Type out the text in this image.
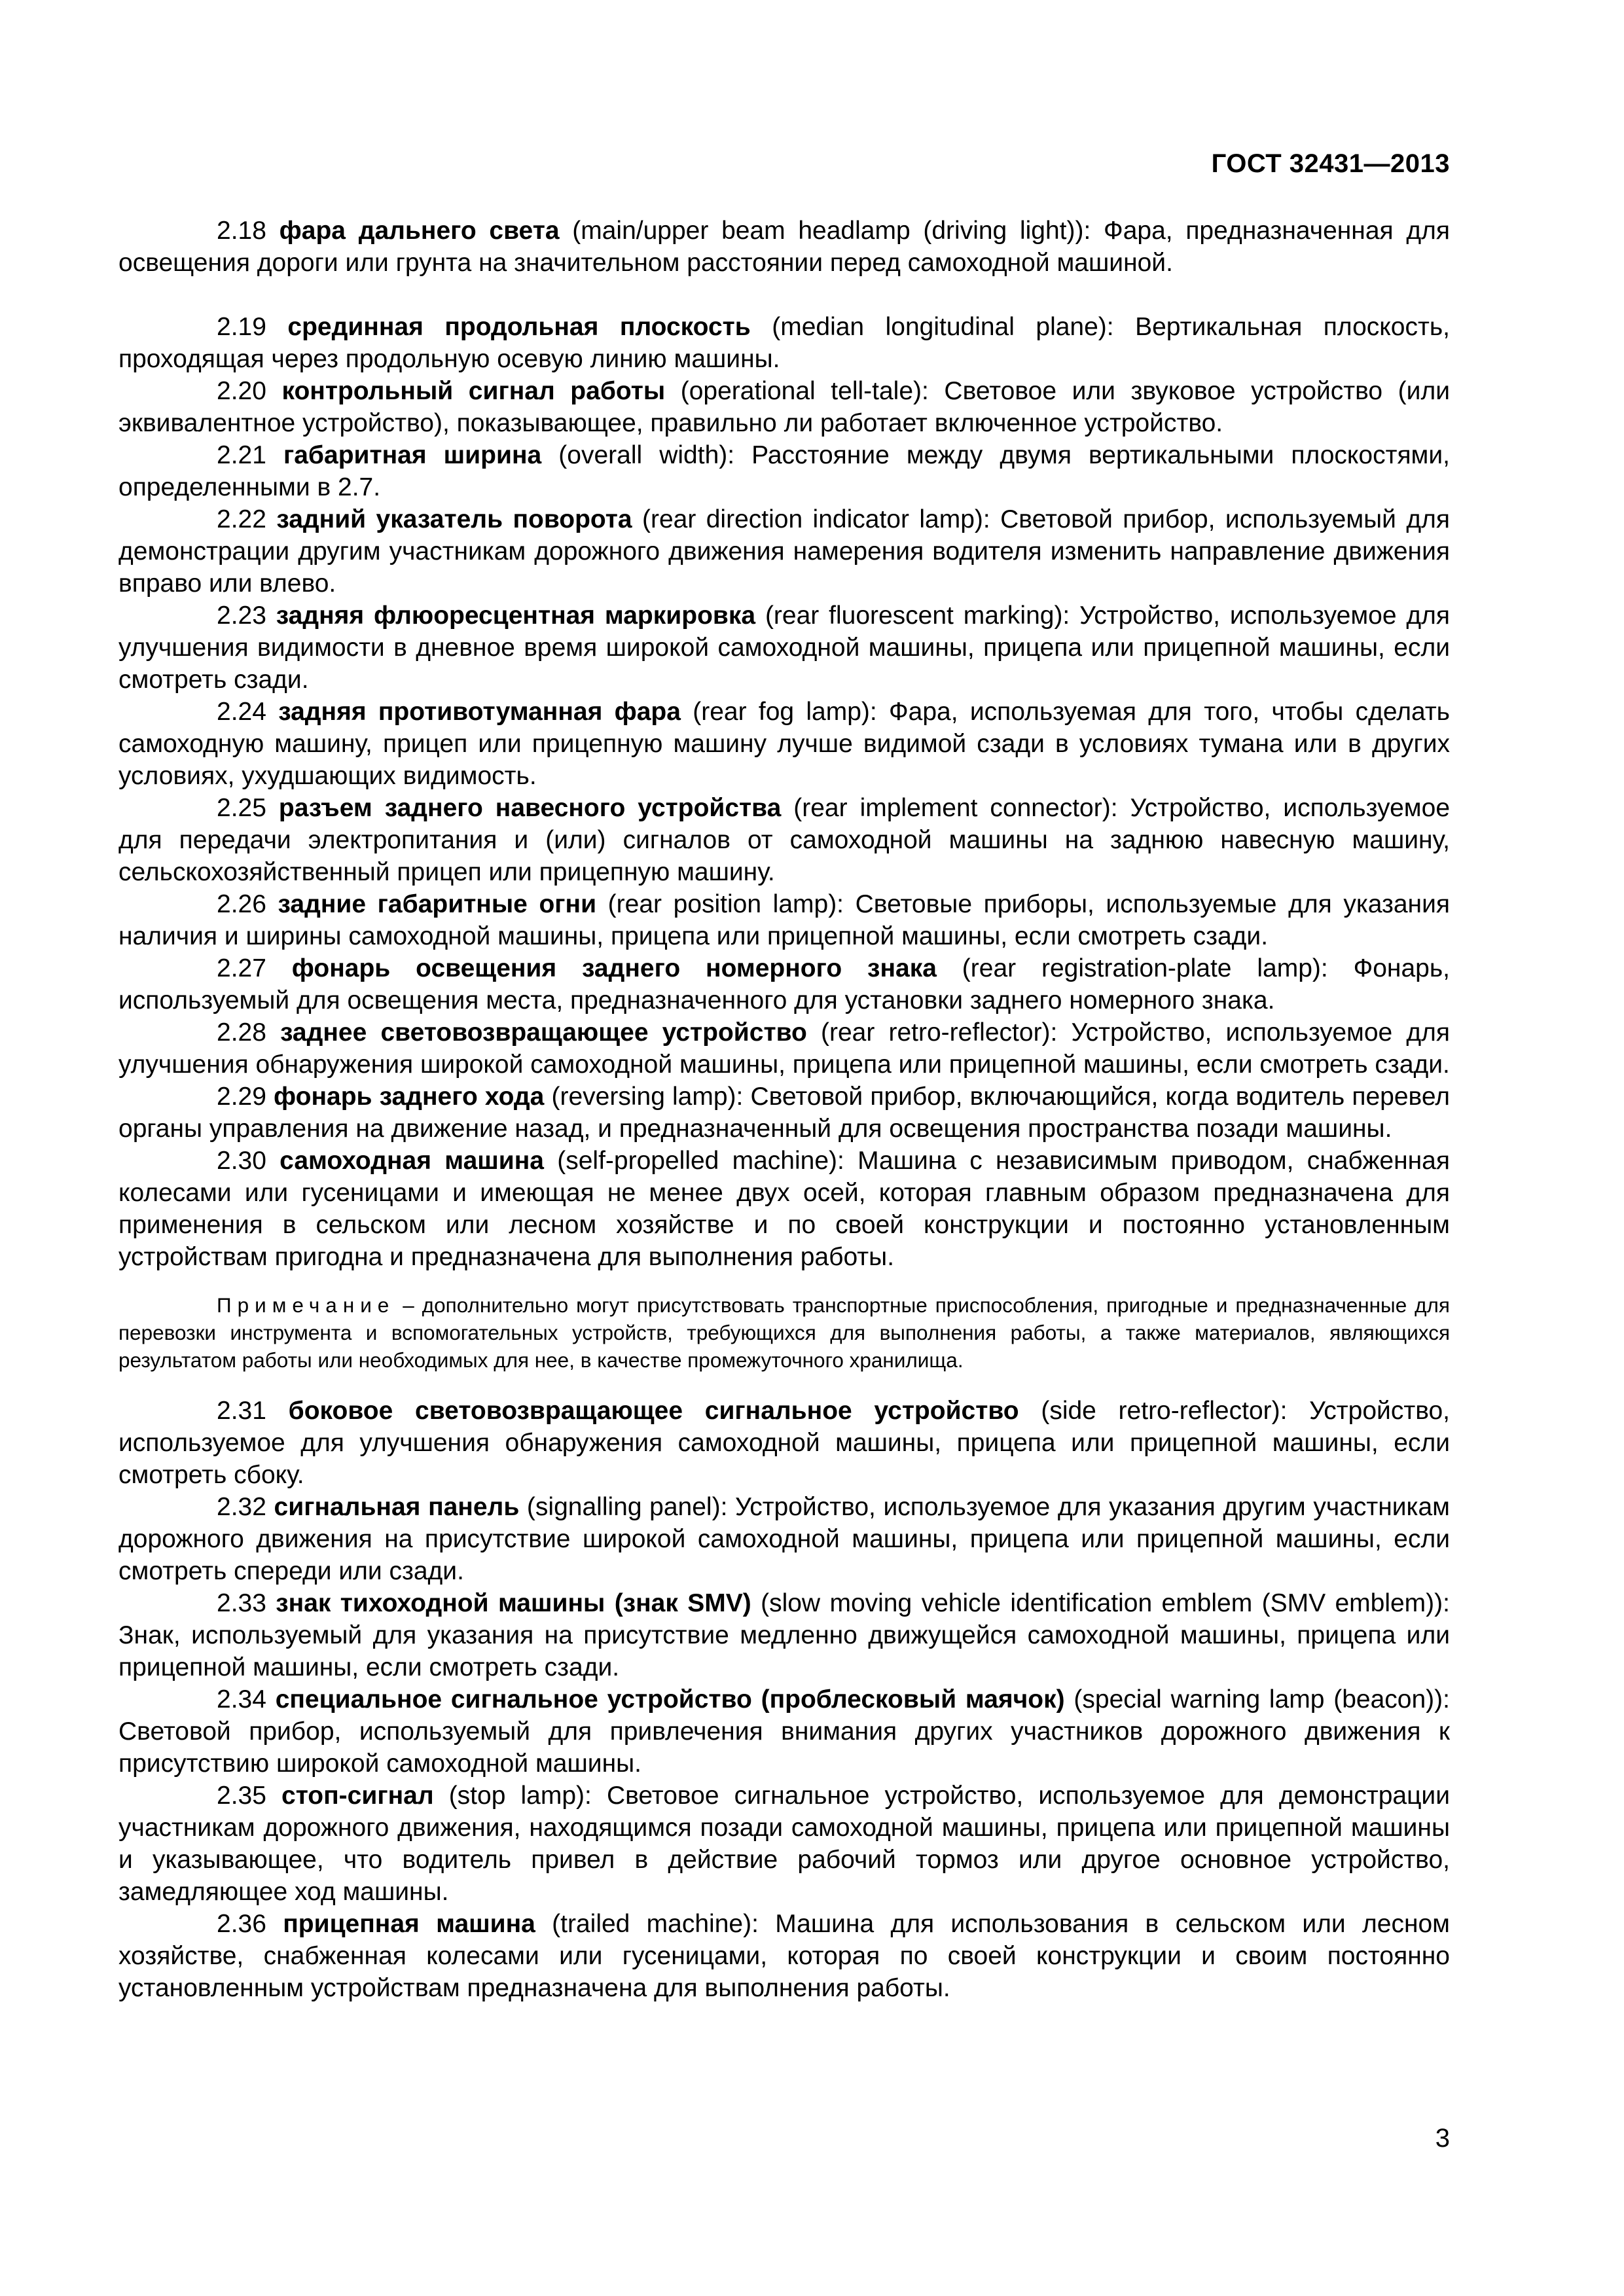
ГОСТ 32431—2013

2.18 фара дальнего света (main/upper beam headlamp (driving light)): Фара, предназначенная для освещения дороги или грунта на значительном расстоянии перед самоходной машиной.

2.19 срединная продольная плоскость (median longitudinal plane): Вертикальная плоскость, проходящая через продольную осевую линию машины.

2.20 контрольный сигнал работы (operational tell-tale): Световое или звуковое устройство (или эквивалентное устройство), показывающее, правильно ли работает включенное устройство.

2.21 габаритная ширина (overall width): Расстояние между двумя вертикальными плоскостями, определенными в 2.7.

2.22 задний указатель поворота (rear direction indicator lamp): Световой прибор, используемый для демонстрации другим участникам дорожного движения намерения водителя изменить направление движения вправо или влево.

2.23 задняя флюоресцентная маркировка (rear fluorescent marking): Устройство, используемое для улучшения видимости в дневное время широкой самоходной машины, прицепа или прицепной машины, если смотреть сзади.

2.24 задняя противотуманная фара (rear fog lamp): Фара, используемая для того, чтобы сделать самоходную машину, прицеп или прицепную машину лучше видимой сзади в условиях тумана или в других условиях, ухудшающих видимость.

2.25 разъем заднего навесного устройства (rear implement connector): Устройство, используемое для передачи электропитания и (или) сигналов от самоходной машины на заднюю навесную машину, сельскохозяйственный прицеп или прицепную машину.

2.26 задние габаритные огни (rear position lamp): Световые приборы, используемые для указания наличия и ширины самоходной машины, прицепа или прицепной машины, если смотреть сзади.

2.27 фонарь освещения заднего номерного знака (rear registration-plate lamp): Фонарь, используемый для освещения места, предназначенного для установки заднего номерного знака.

2.28 заднее световозвращающее устройство (rear retro-reflector): Устройство, используемое для улучшения обнаружения широкой самоходной машины, прицепа или прицепной машины, если смотреть сзади.

2.29 фонарь заднего хода (reversing lamp): Световой прибор, включающийся, когда водитель перевел органы управления на движение назад, и предназначенный для освещения пространства позади машины.

2.30 самоходная машина (self-propelled machine): Машина с независимым приводом, снабженная колесами или гусеницами и имеющая не менее двух осей, которая главным образом предназначена для применения в сельском или лесном хозяйстве и по своей конструкции и постоянно установленным устройствам пригодна и предназначена для выполнения работы.

Примечание – дополнительно могут присутствовать транспортные приспособления, пригодные и предназначенные для перевозки инструмента и вспомогательных устройств, требующихся для выполнения работы, а также материалов, являющихся результатом работы или необходимых для нее, в качестве промежуточного хранилища.

2.31 боковое световозвращающее сигнальное устройство (side retro-reflector): Устройство, используемое для улучшения обнаружения самоходной машины, прицепа или прицепной машины, если смотреть сбоку.

2.32 сигнальная панель (signalling panel): Устройство, используемое для указания другим участникам дорожного движения на присутствие широкой самоходной машины, прицепа или прицепной машины, если смотреть спереди или сзади.

2.33 знак тихоходной машины (знак SMV) (slow moving vehicle identification emblem (SMV emblem)): Знак, используемый для указания на присутствие медленно движущейся самоходной машины, прицепа или прицепной машины, если смотреть сзади.

2.34 специальное сигнальное устройство (проблесковый маячок) (special warning lamp (beacon)): Световой прибор, используемый для привлечения внимания других участников дорожного движения к присутствию широкой самоходной машины.

2.35 стоп-сигнал (stop lamp): Световое сигнальное устройство, используемое для демонстрации участникам дорожного движения, находящимся позади самоходной машины, прицепа или прицепной машины и указывающее, что водитель привел в действие рабочий тормоз или другое основное устройство, замедляющее ход машины.

2.36 прицепная машина (trailed machine): Машина для использования в сельском или лесном хозяйстве, снабженная колесами или гусеницами, которая по своей конструкции и своим постоянно установленным устройствам предназначена для выполнения работы.

3
